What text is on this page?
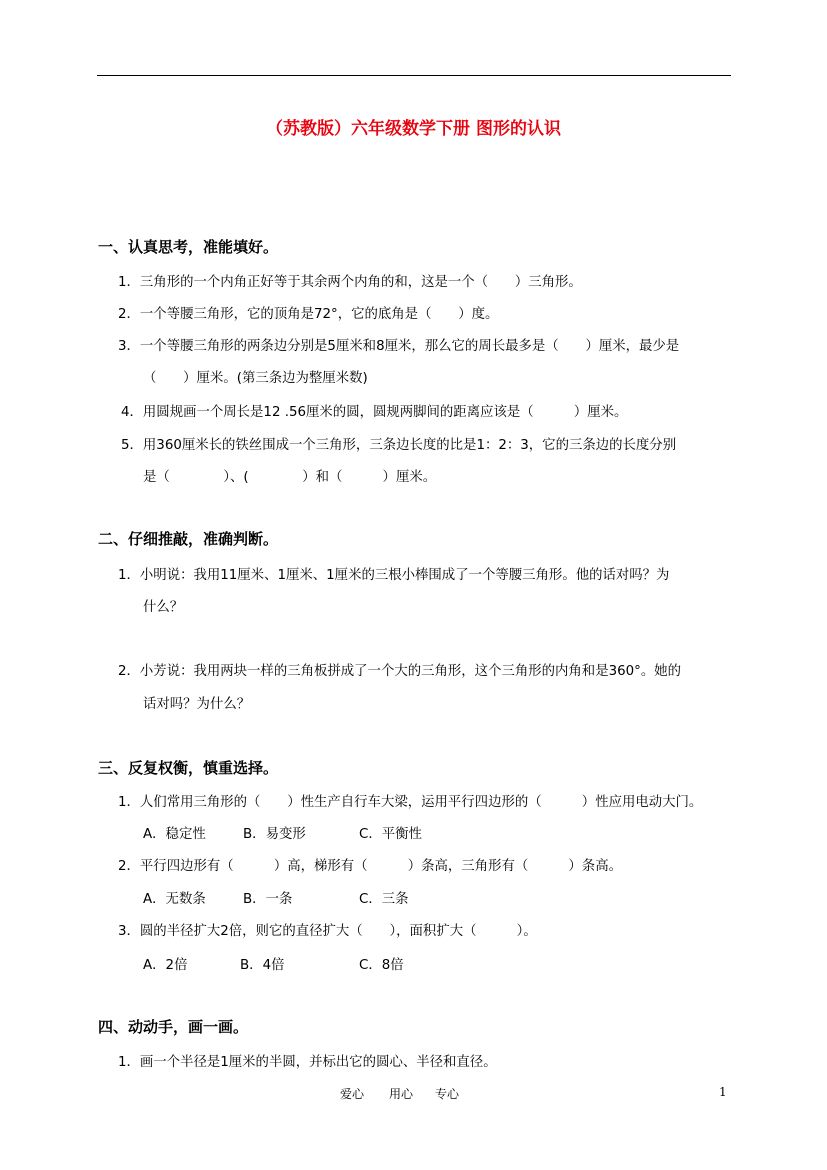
（苏教版）六年级数学下册 图形的认识
一、认真思考，准能填好。
1．三角形的一个内角正好等于其余两个内角的和，这是一个（　　）三角形。
2．一个等腰三角形，它的顶角是72°，它的底角是（　　）度。
3．一个等腰三角形的两条边分别是5厘米和8厘米，那么它的周长最多是（　　）厘米，最少是
（　　）厘米。(第三条边为整厘米数)
4．用圆规画一个周长是12 .56厘米的圆，圆规两脚间的距离应该是（　　　）厘米。
5．用360厘米长的铁丝围成一个三角形，三条边长度的比是1：2：3，它的三条边的长度分别
是（　　　　）、(　　　　）和（　　　）厘米。
二、仔细推敲，准确判断。
1．小明说：我用11厘米、1厘米、1厘米的三根小棒围成了一个等腰三角形。他的话对吗？为
什么？
2．小芳说：我用两块一样的三角板拼成了一个大的三角形，这个三角形的内角和是360°。她的
话对吗？为什么？
三、反复权衡，慎重选择。
1．人们常用三角形的（　　）性生产自行车大梁，运用平行四边形的（　　　）性应用电动大门。
A．稳定性	B．易变形	C．平衡性
2．平行四边形有（　　　）高，梯形有（　　　）条高，三角形有（　　　）条高。
A．无数条	B．一条	C．三条
3．圆的半径扩大2倍，则它的直径扩大（　　），面积扩大（　　　）。
A．2倍	B．4倍	C．8倍
四、动动手，画一画。
1．画一个半径是1厘米的半圆，并标出它的圆心、半径和直径。
爱心 用心 专心	1
